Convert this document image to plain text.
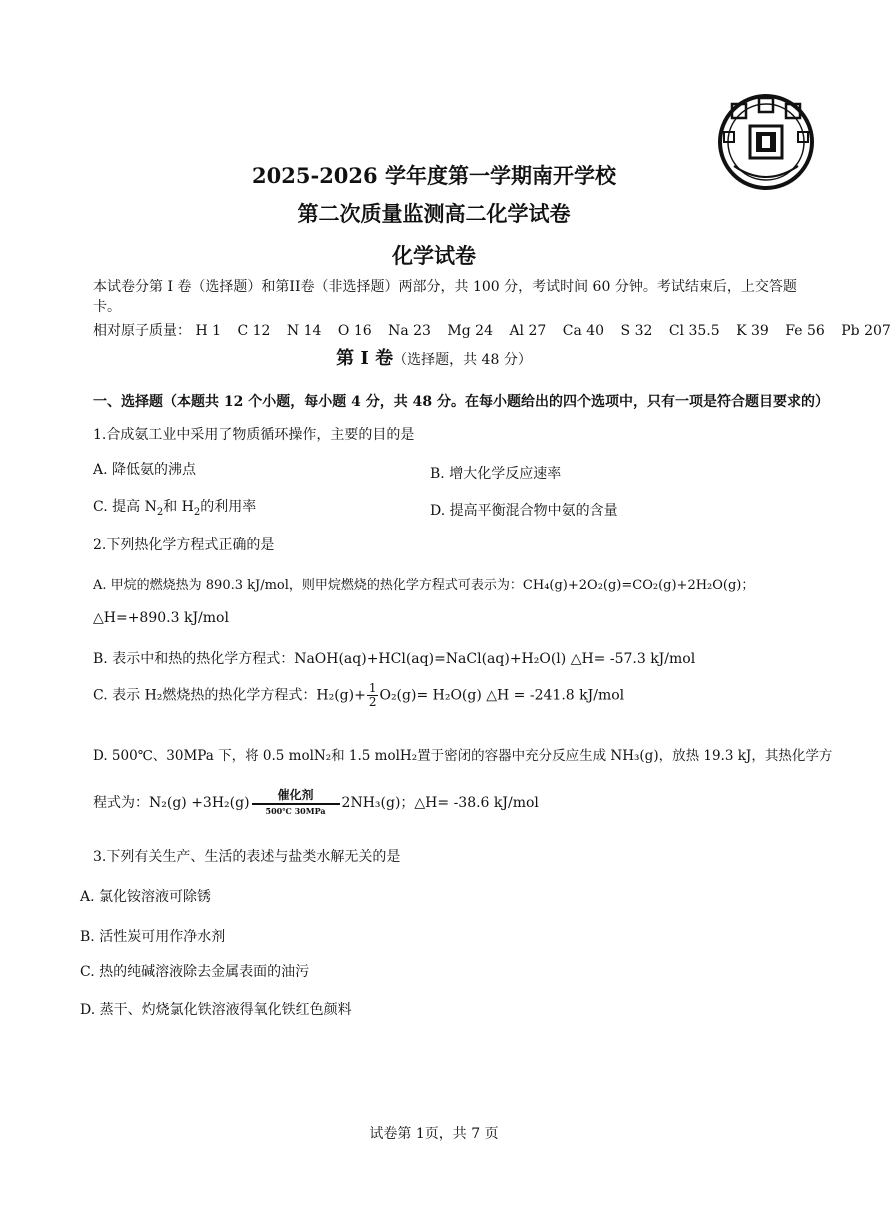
2025-2026 学年度第一学期南开学校
第二次质量监测高二化学试卷
化学试卷
本试卷分第 I 卷（选择题）和第II卷（非选择题）两部分，共 100 分，考试时间 60 分钟。考试结束后，上交答题卡。
相对原子质量： H 1 C 12 N 14 O 16 Na 23 Mg 24 Al 27 Ca 40 S 32 Cl 35.5 K 39 Fe 56 Pb 207
第 I 卷（选择题，共 48 分）
一、选择题（本题共 12 个小题，每小题 4 分，共 48 分。在每小题给出的四个选项中，只有一项是符合题目要求的）
1.合成氨工业中采用了物质循环操作，主要的目的是
A. 降低氨的沸点	B. 增大化学反应速率
C. 提高 $N_2$和 $H_2$的利用率	D. 提高平衡混合物中氨的含量
2.下列热化学方程式正确的是
A. 甲烷的燃烧热为 890.3 kJ/mol，则甲烷燃烧的热化学方程式可表示为：CH₄(g)+2O₂(g)=CO₂(g)+2H₂O(g)；
△H=+890.3 kJ/mol
B. 表示中和热的热化学方程式：NaOH(aq)+HCl(aq)=NaCl(aq)+H₂O(l) △H= -57.3 kJ/mol
C. 表示 H₂燃烧热的热化学方程式：$H_2(g)+ \frac{1}{2} O_2(g)= H_2O(g)$ △H = -241.8 kJ/mol
D. 500℃、30MPa 下，将 0.5 molN₂和 1.5 molH₂置于密闭的容器中充分反应生成 NH₃(g)，放热 19.3 kJ，其热化学方
程式为：N₂(g) +3H₂(g)	催化剂
500℃ 30MPa	2NH₃(g)；△H= -38.6 kJ/mol
3.下列有关生产、生活的表述与盐类水解无关的是
A. 氯化铵溶液可除锈
B. 活性炭可用作净水剂
C. 热的纯碱溶液除去金属表面的油污
D. 蒸干、灼烧氯化铁溶液得氧化铁红色颜料
试卷第 1页，共 7 页
